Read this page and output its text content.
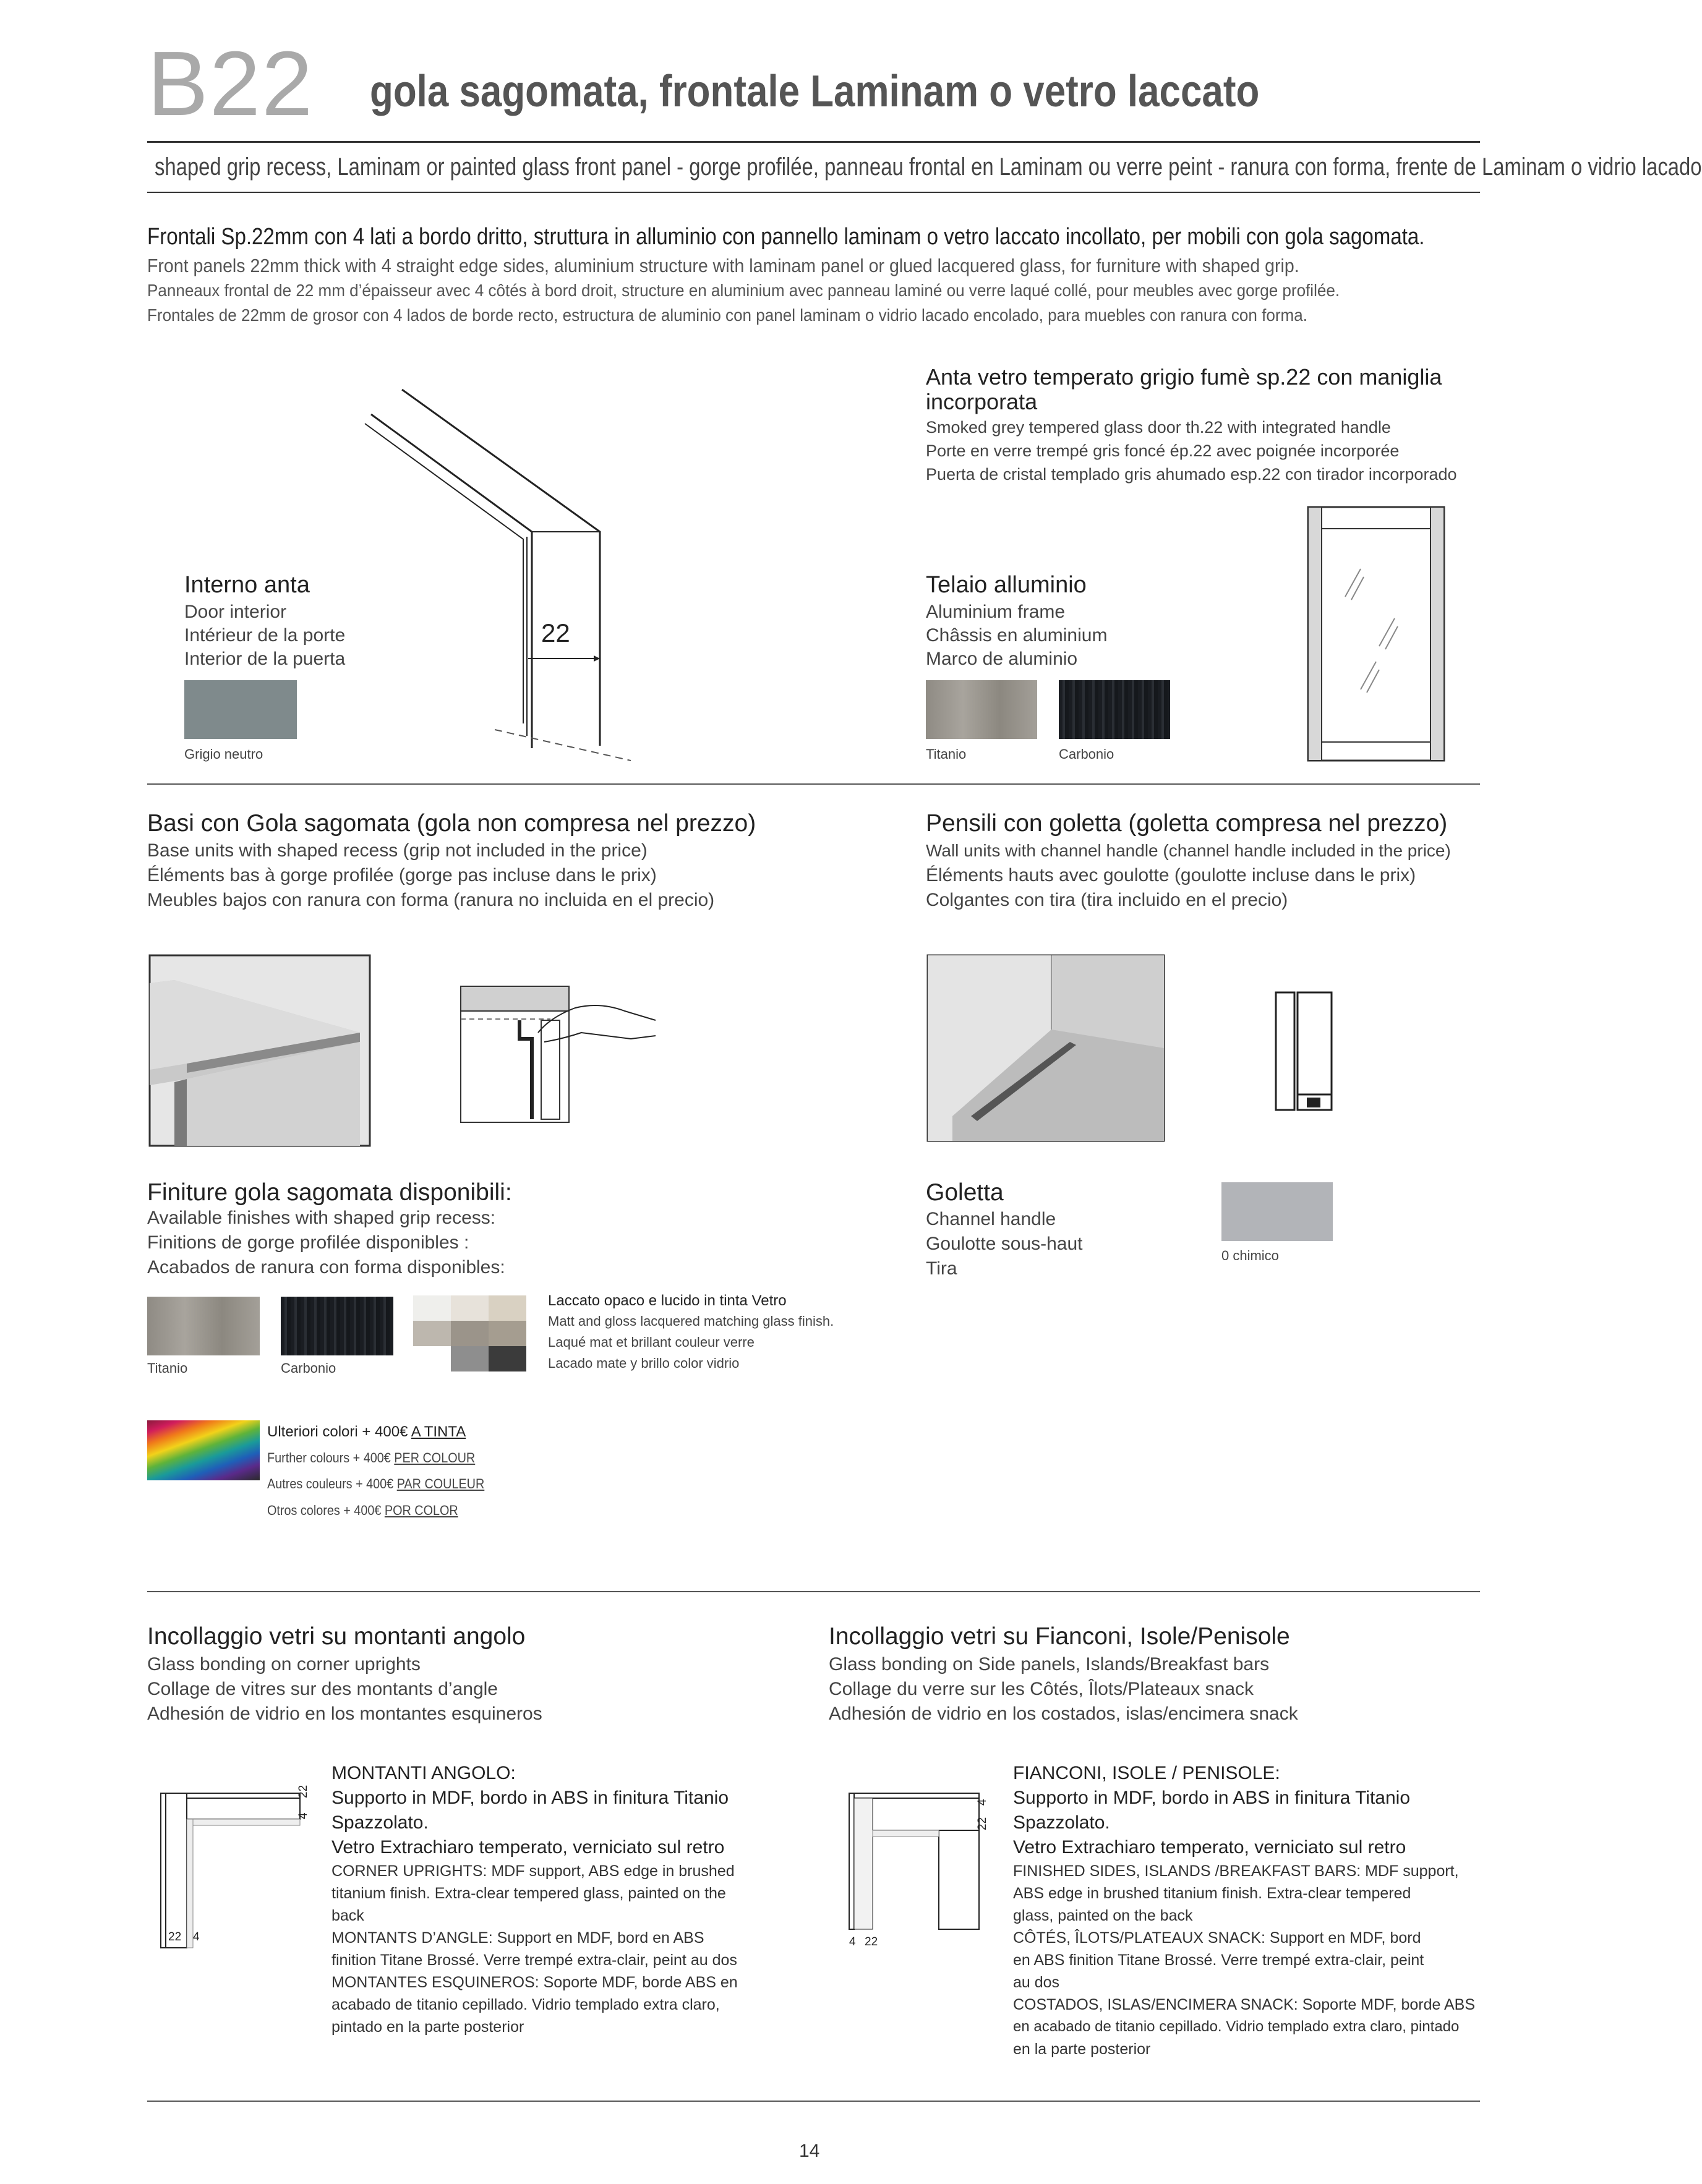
B22 gola sagomata, frontale Laminam o vetro laccato
shaped grip recess, Laminam or painted glass front panel - gorge profilée, panneau frontal en Laminam ou verre peint - ranura con forma, frente de Laminam o vidrio lacado
Frontali Sp.22mm con 4 lati a bordo dritto, struttura in alluminio con pannello laminam o vetro laccato incollato, per mobili con gola sagomata.
Front panels 22mm thick with 4 straight edge sides, aluminium structure with laminam panel or glued lacquered glass, for furniture with shaped grip.
Panneaux frontal de 22 mm d’épaisseur avec 4 côtés à bord droit, structure en aluminium avec panneau laminé ou verre laqué collé, pour meubles avec gorge profilée.
Frontales de 22mm de grosor con 4 lados de borde recto, estructura de aluminio con panel laminam o vidrio lacado encolado, para muebles con ranura con forma.
22
Interno anta
Door interior
Intérieur de la porte
Interior de la puerta
Grigio neutro
Anta vetro temperato grigio fumè sp.22 con maniglia incorporata
Smoked grey tempered glass door th.22 with integrated handle
Porte en verre trempé gris foncé ép.22 avec poignée incorporée
Puerta de cristal templado gris ahumado esp.22 con tirador incorporado
Telaio alluminio
Aluminium frame
Châssis en aluminium
Marco de aluminio
Titanio	Carbonio
Basi con Gola sagomata (gola non compresa nel prezzo)
Base units with shaped recess (grip not included in the price)
Éléments bas à gorge profilée (gorge pas incluse dans le prix)
Meubles bajos con ranura con forma (ranura no incluida en el precio)
Pensili con goletta (goletta compresa nel prezzo)
Wall units with channel handle (channel handle included in the price)
Éléments hauts avec goulotte (goulotte incluse dans le prix)
Colgantes con tira (tira incluido en el precio)
Finiture gola sagomata disponibili:
Available finishes with shaped grip recess:
Finitions de gorge profilée disponibles :
Acabados de ranura con forma disponibles:
Titanio	Carbonio
Laccato opaco e lucido in tinta Vetro
Matt and gloss lacquered matching glass finish.
Laqué mat et brillant couleur verre
Lacado mate y brillo color vidrio
Ulteriori colori + 400€ A TINTA
Further colours + 400€ PER COLOUR
Autres couleurs + 400€ PAR COULEUR
Otros colores + 400€ POR COLOR
Goletta
Channel handle
Goulotte sous-haut
Tira
0 chimico
Incollaggio vetri su montanti angolo
Glass bonding on corner uprights
Collage de vitres sur des montants d’angle
Adhesión de vidrio en los montantes esquineros
22
4
22 4
MONTANTI ANGOLO:
Supporto in MDF, bordo in ABS in finitura Titanio
Spazzolato.
Vetro Extrachiaro temperato, verniciato sul retro
CORNER UPRIGHTS: MDF support, ABS edge in brushed
titanium finish. Extra-clear tempered glass, painted on the
back
MONTANTS D’ANGLE: Support en MDF, bord en ABS
finition Titane Brossé. Verre trempé extra-clair, peint au dos
MONTANTES ESQUINEROS: Soporte MDF, borde ABS en
acabado de titanio cepillado. Vidrio templado extra claro,
pintado en la parte posterior
Incollaggio vetri su Fianconi, Isole/Penisole
Glass bonding on Side panels, Islands/Breakfast bars
Collage du verre sur les Côtés, Îlots/Plateaux snack
Adhesión de vidrio en los costados, islas/encimera snack
22
4
4 22
FIANCONI, ISOLE / PENISOLE:
Supporto in MDF, bordo in ABS in finitura Titanio
Spazzolato.
Vetro Extrachiaro temperato, verniciato sul retro
FINISHED SIDES, ISLANDS /BREAKFAST BARS: MDF support,
ABS edge in brushed titanium finish. Extra-clear tempered
glass, painted on the back
CÔTÉS, ÎLOTS/PLATEAUX SNACK: Support en MDF, bord
en ABS finition Titane Brossé. Verre trempé extra-clair, peint
au dos
COSTADOS, ISLAS/ENCIMERA SNACK: Soporte MDF, borde ABS
en acabado de titanio cepillado. Vidrio templado extra claro, pintado
en la parte posterior
14
